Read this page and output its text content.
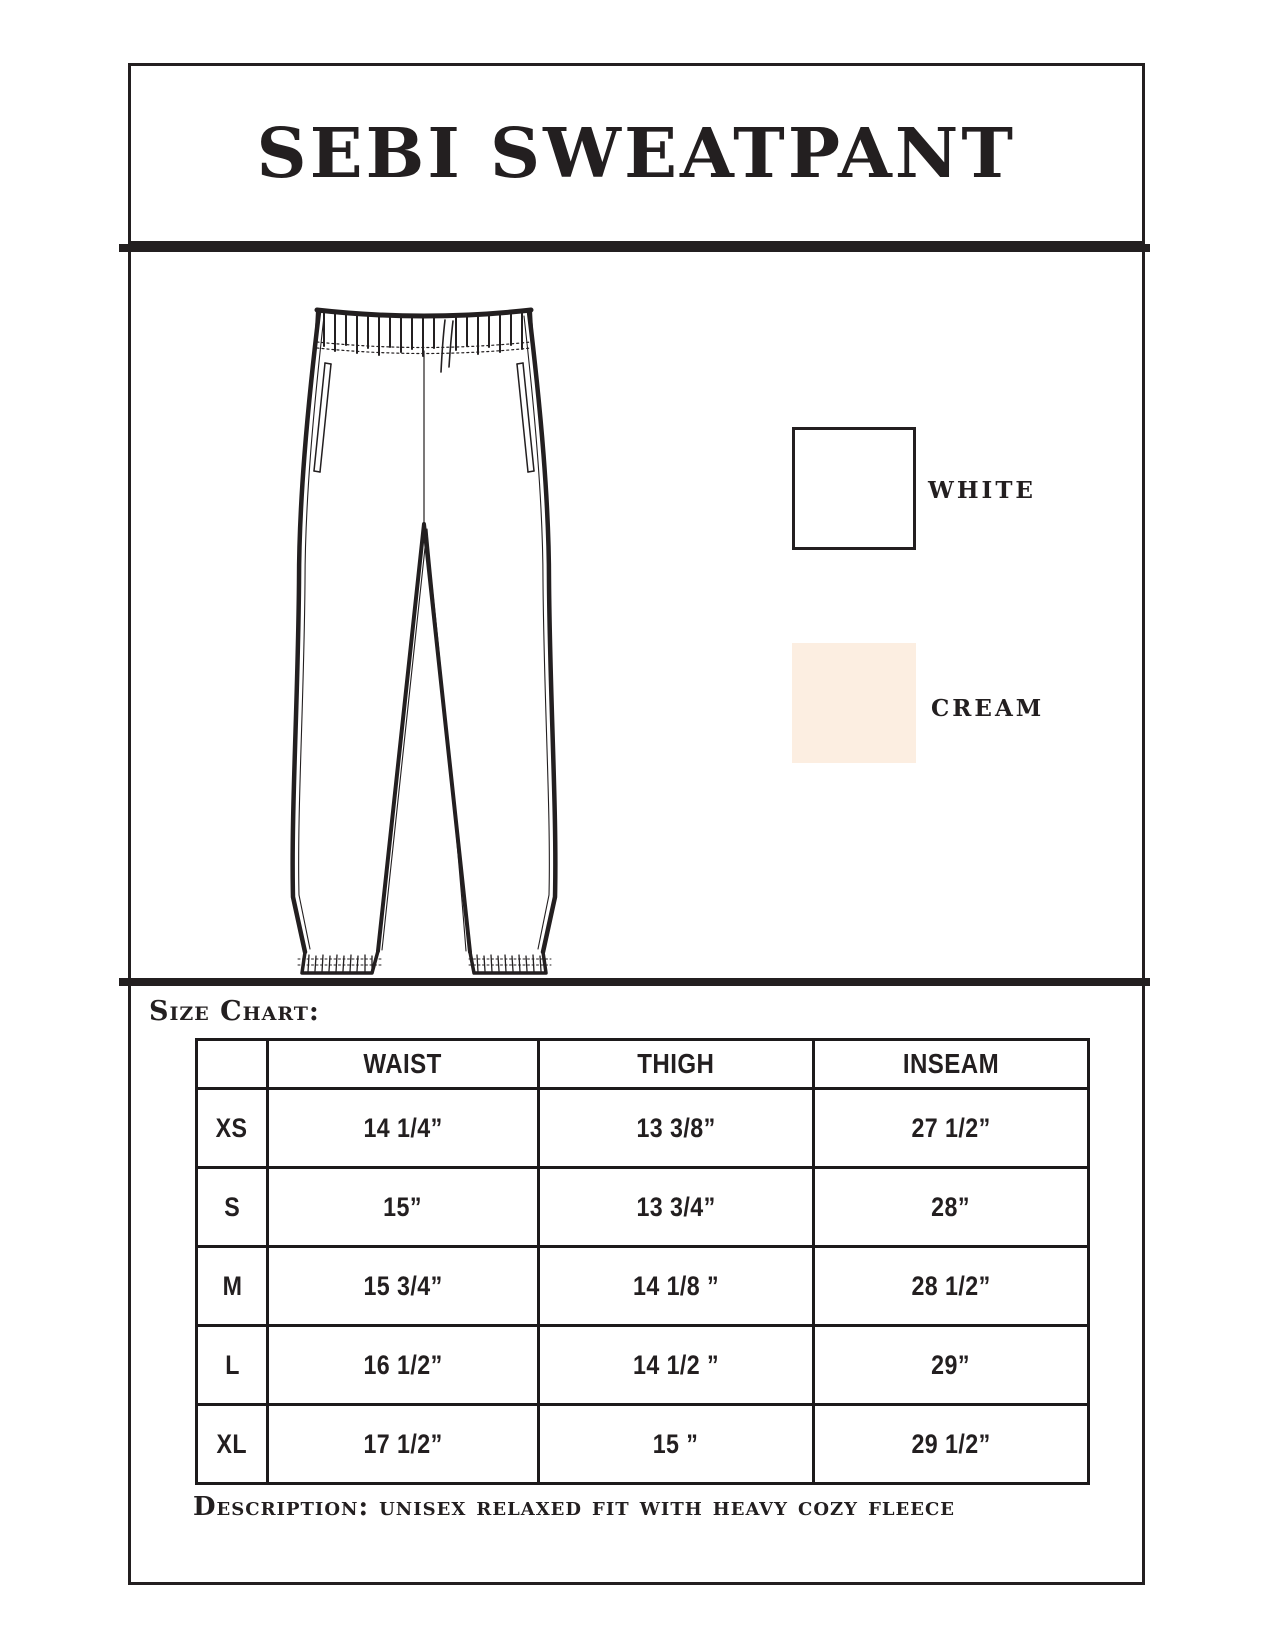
SEBI SWEATPANT
WHITE
CREAM
Size Chart:
	WAIST	THIGH	INSEAM
XS	14 1/4”	13 3/8”	27 1/2”
S	15”	13 3/4”	28”
M	15 3/4”	14 1/8 ”	28 1/2”
L	16 1/2”	14 1/2 ”	29”
XL	17 1/2”	15 ”	29 1/2”
Description: unisex relaxed fit with heavy cozy fleece
